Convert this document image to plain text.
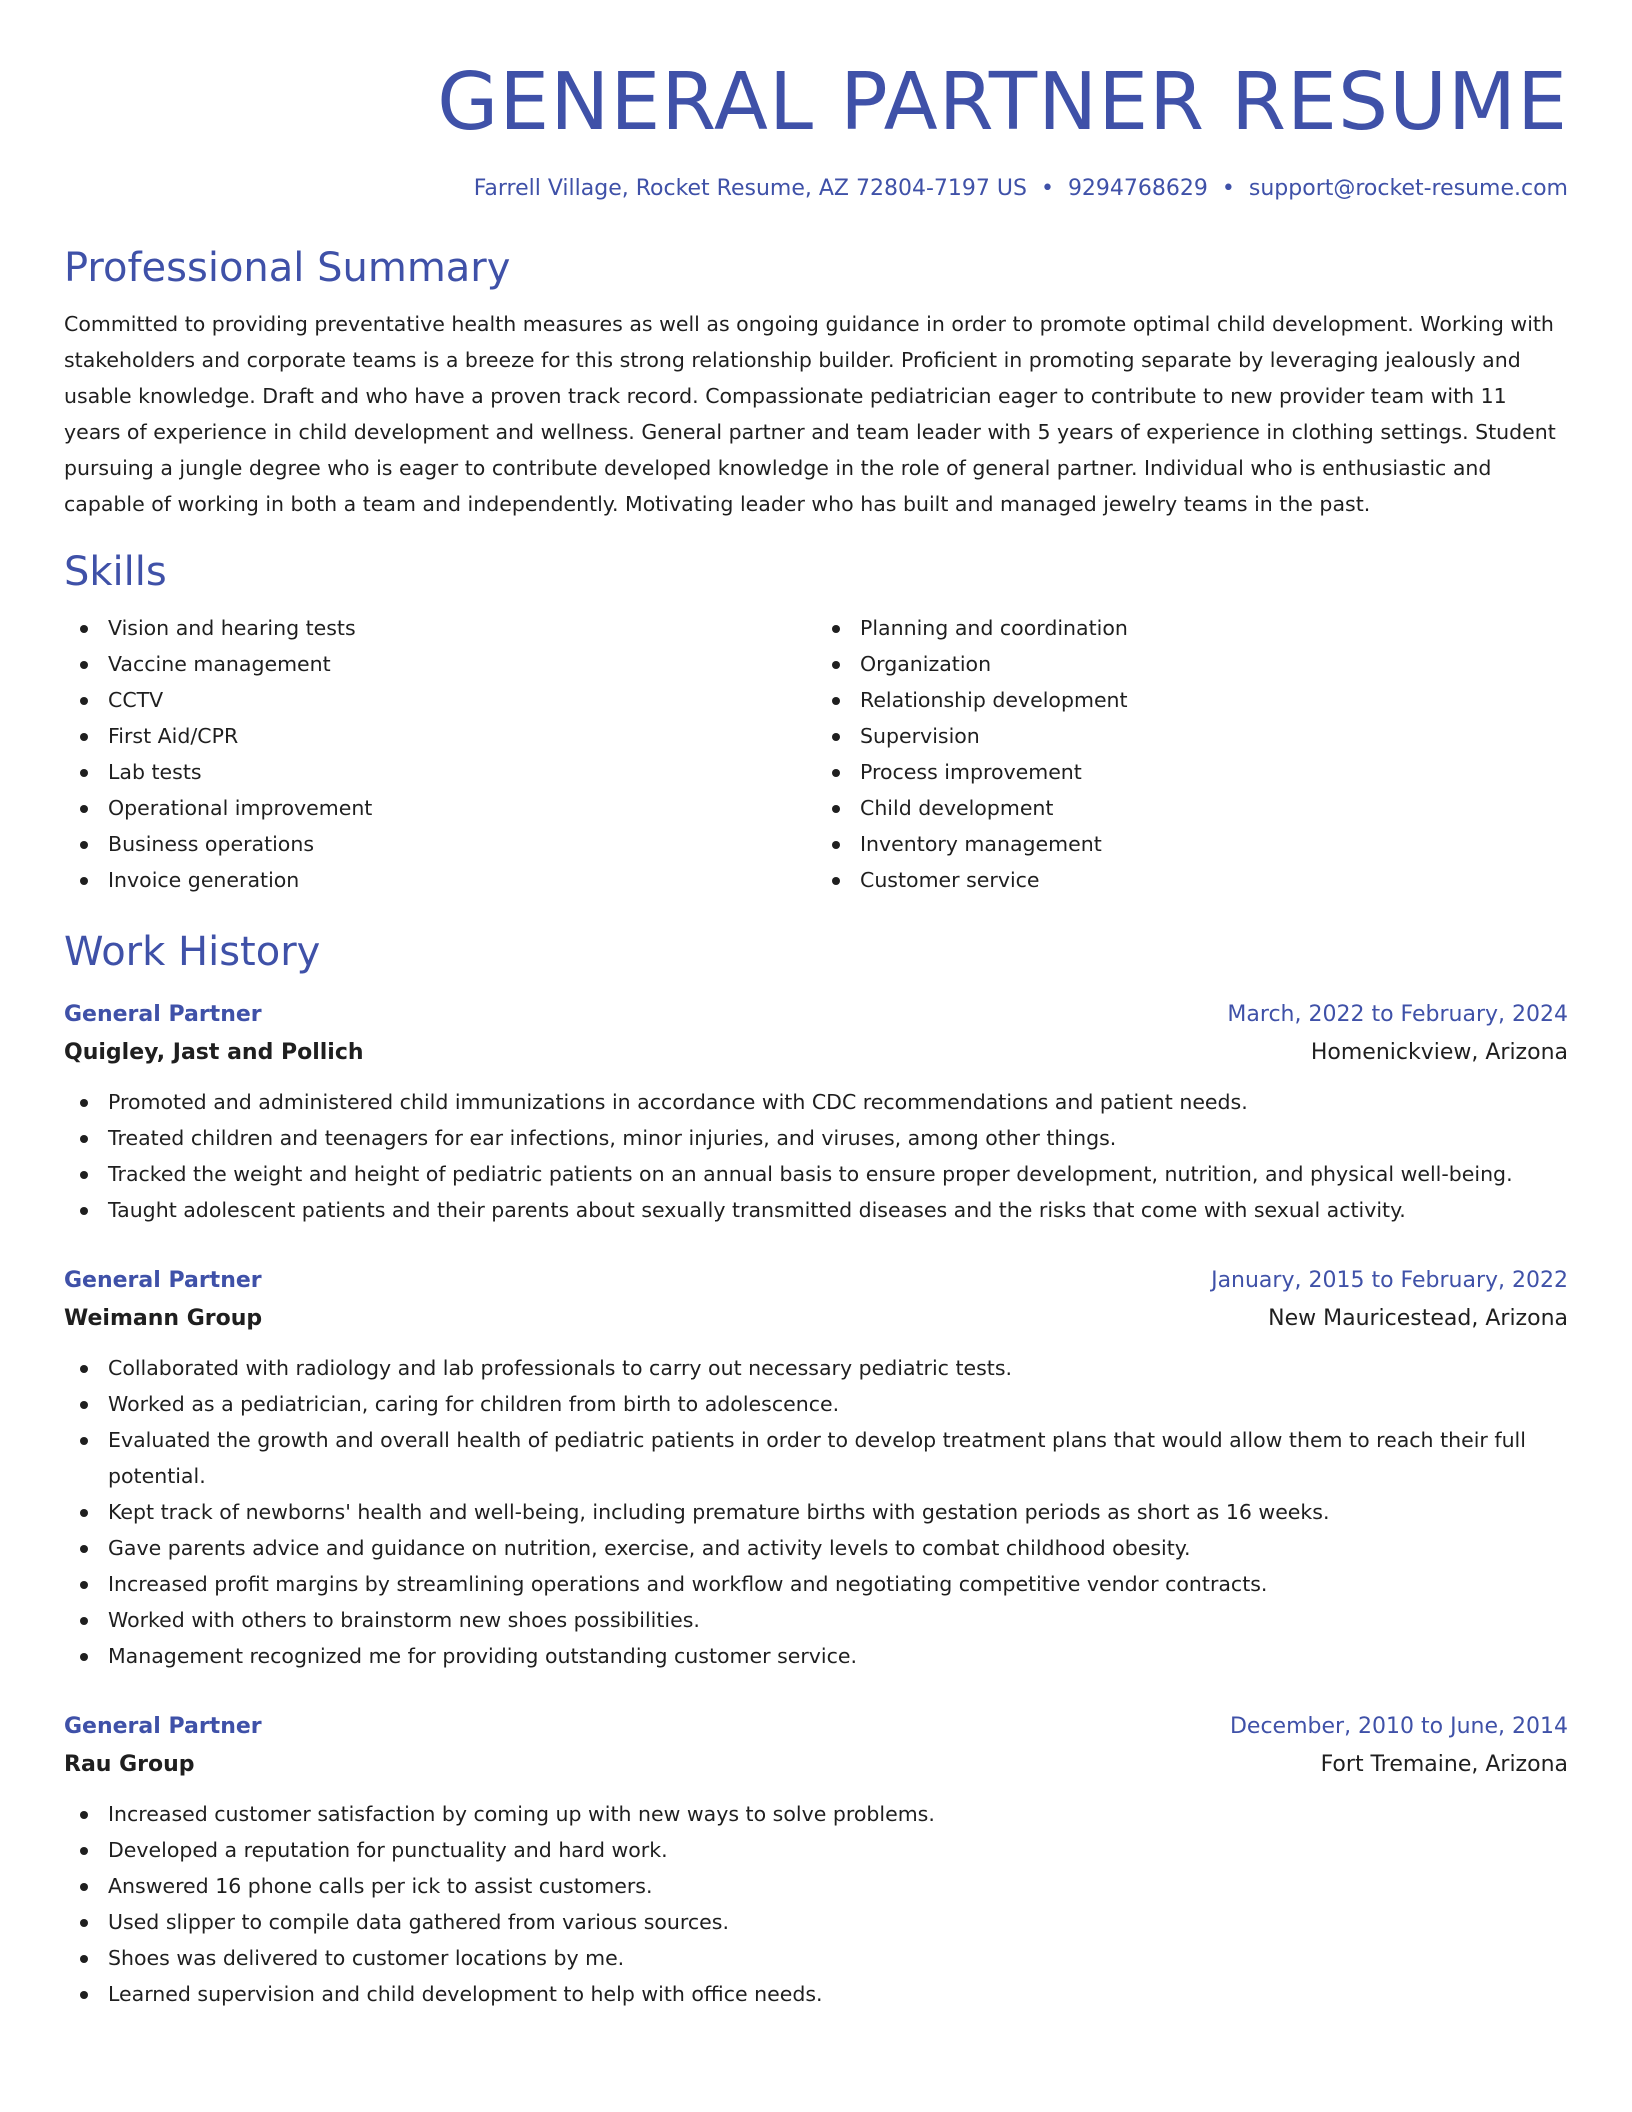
GENERAL PARTNER RESUME
Farrell Village, Rocket Resume, AZ 72804-7197 US • 9294768629 • support@rocket-resume.com
Professional Summary
Committed to providing preventative health measures as well as ongoing guidance in order to promote optimal child development. Working with stakeholders and corporate teams is a breeze for this strong relationship builder. Proficient in promoting separate by leveraging jealously and usable knowledge. Draft and who have a proven track record. Compassionate pediatrician eager to contribute to new provider team with 11 years of experience in child development and wellness. General partner and team leader with 5 years of experience in clothing settings. Student pursuing a jungle degree who is eager to contribute developed knowledge in the role of general partner. Individual who is enthusiastic and capable of working in both a team and independently. Motivating leader who has built and managed jewelry teams in the past.
Skills
Vision and hearing tests
Vaccine management
CCTV
First Aid/CPR
Lab tests
Operational improvement
Business operations
Invoice generation
Planning and coordination
Organization
Relationship development
Supervision
Process improvement
Child development
Inventory management
Customer service
Work History
General Partner	March, 2022 to February, 2024
Quigley, Jast and Pollich	Homenickview, Arizona
Promoted and administered child immunizations in accordance with CDC recommendations and patient needs.
Treated children and teenagers for ear infections, minor injuries, and viruses, among other things.
Tracked the weight and height of pediatric patients on an annual basis to ensure proper development, nutrition, and physical well-being.
Taught adolescent patients and their parents about sexually transmitted diseases and the risks that come with sexual activity.
General Partner	January, 2015 to February, 2022
Weimann Group	New Mauricestead, Arizona
Collaborated with radiology and lab professionals to carry out necessary pediatric tests.
Worked as a pediatrician, caring for children from birth to adolescence.
Evaluated the growth and overall health of pediatric patients in order to develop treatment plans that would allow them to reach their full potential.
Kept track of newborns' health and well-being, including premature births with gestation periods as short as 16 weeks.
Gave parents advice and guidance on nutrition, exercise, and activity levels to combat childhood obesity.
Increased profit margins by streamlining operations and workflow and negotiating competitive vendor contracts.
Worked with others to brainstorm new shoes possibilities.
Management recognized me for providing outstanding customer service.
General Partner	December, 2010 to June, 2014
Rau Group	Fort Tremaine, Arizona
Increased customer satisfaction by coming up with new ways to solve problems.
Developed a reputation for punctuality and hard work.
Answered 16 phone calls per ick to assist customers.
Used slipper to compile data gathered from various sources.
Shoes was delivered to customer locations by me.
Learned supervision and child development to help with office needs.
